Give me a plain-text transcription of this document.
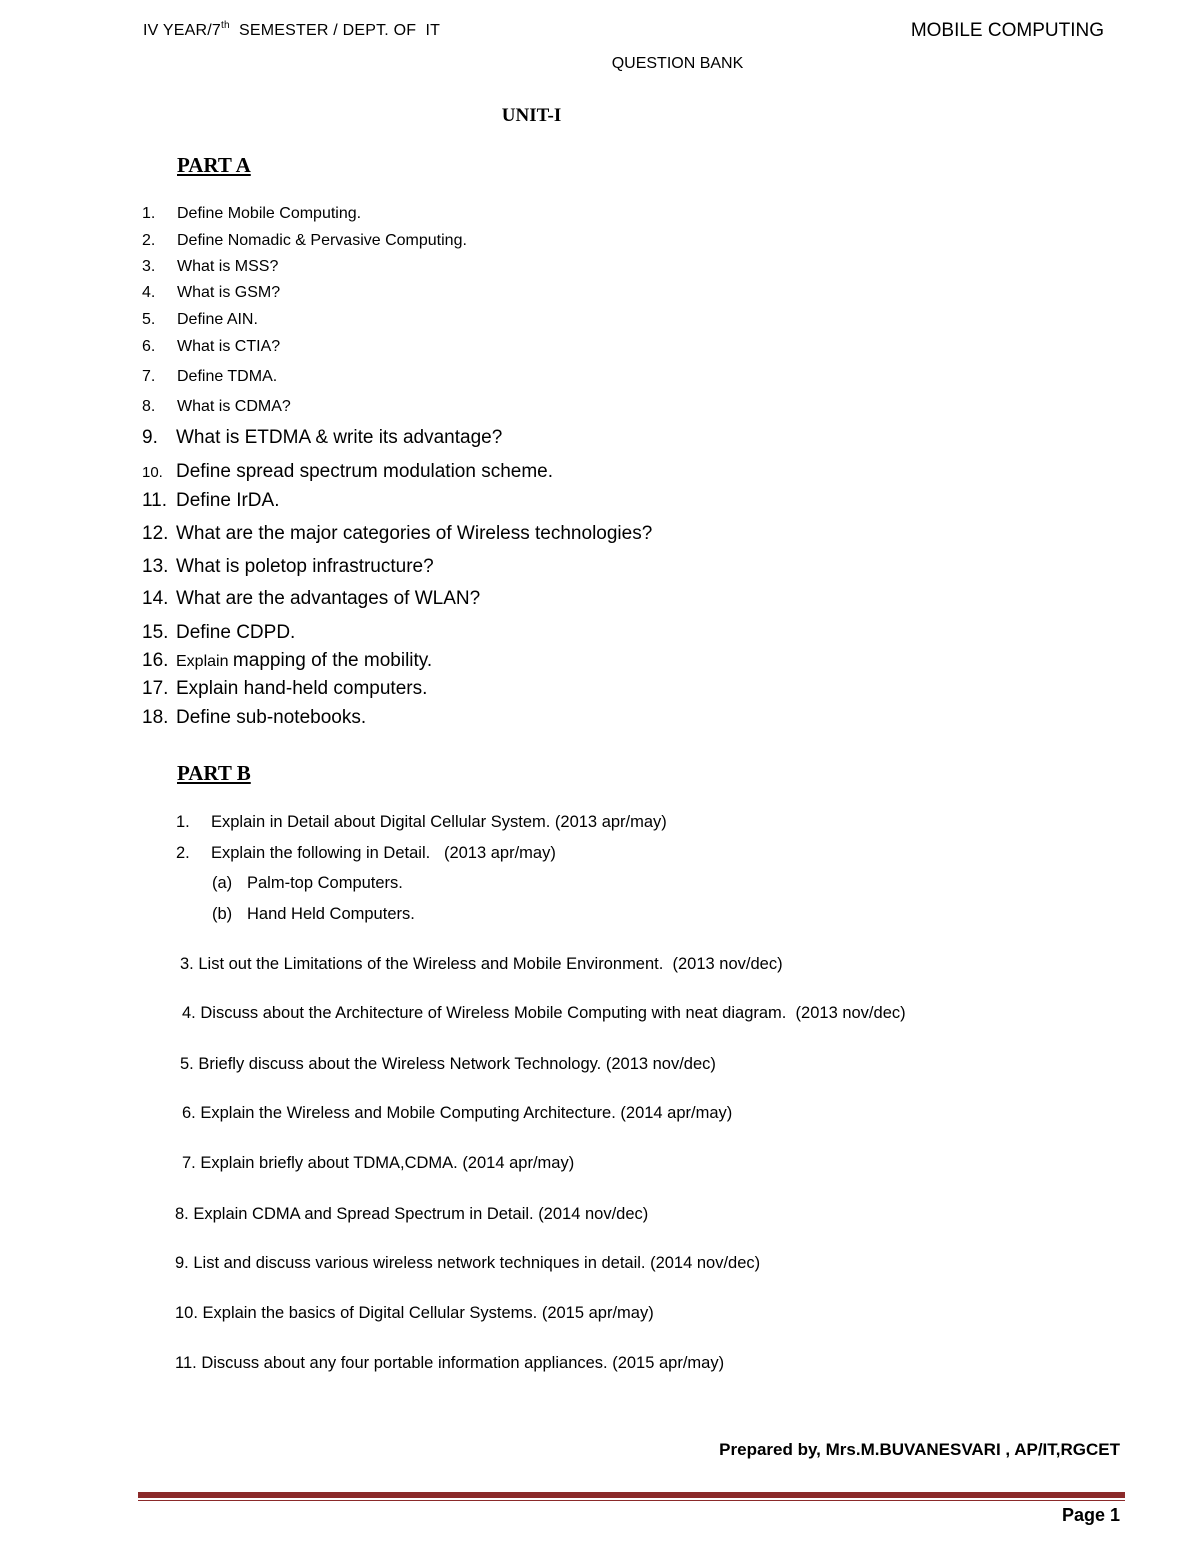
IV YEAR/7th  SEMESTER / DEPT. OF  IT	MOBILE COMPUTING
QUESTION BANK
UNIT-I
PART A
1. Define Mobile Computing.
2. Define Nomadic & Pervasive Computing.
3. What is MSS?
4. What is GSM?
5. Define AIN.
6. What is CTIA?
7. Define TDMA.
8. What is CDMA?
9. What is ETDMA & write its advantage?
10. Define spread spectrum modulation scheme.
11. Define IrDA.
12. What are the major categories of Wireless technologies?
13. What is poletop infrastructure?
14. What are the advantages of WLAN?
15. Define CDPD.
16. Explain mapping of the mobility.
17. Explain hand-held computers.
18. Define sub-notebooks.
PART B
1. Explain in Detail about Digital Cellular System. (2013 apr/may)
2. Explain the following in Detail.   (2013 apr/may)
(a) Palm-top Computers.
(b) Hand Held Computers.
3. List out the Limitations of the Wireless and Mobile Environment.  (2013 nov/dec)
4. Discuss about the Architecture of Wireless Mobile Computing with neat diagram.  (2013 nov/dec)
5. Briefly discuss about the Wireless Network Technology. (2013 nov/dec)
6. Explain the Wireless and Mobile Computing Architecture. (2014 apr/may)
7. Explain briefly about TDMA,CDMA. (2014 apr/may)
8. Explain CDMA and Spread Spectrum in Detail. (2014 nov/dec)
9. List and discuss various wireless network techniques in detail. (2014 nov/dec)
10. Explain the basics of Digital Cellular Systems. (2015 apr/may)
11. Discuss about any four portable information appliances. (2015 apr/may)
Prepared by, Mrs.M.BUVANESVARI , AP/IT,RGCET
Page 1
